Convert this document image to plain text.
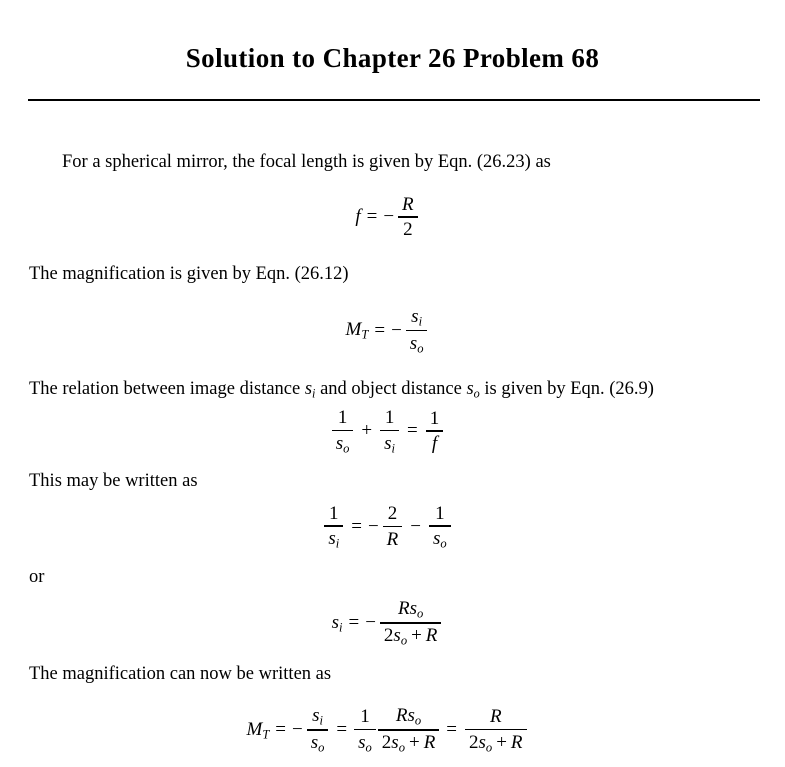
Solution to Chapter 26 Problem 68

For a spherical mirror, the focal length is given by Eqn. (26.23) as

f = − $\frac{R}{2}$

The magnification is given by Eqn. (26.12)

MT = − $\frac{s_i}{s_o}$

The relation between image distance $s_i$ and object distance $s_o$ is given by Eqn. (26.9)

$\frac{1}{s_o} + \frac{1}{s_i} = \frac{1}{f}$

This may be written as

$\frac{1}{s_i}$ = − $\frac{2}{R} - \frac{1}{s_o}$

or

$s_i$ = − $\frac{Rs_o}{2s_o + R}$

The magnification can now be written as

MT = − $\frac{s_i}{s_o} = \frac{1}{s_o} \frac{Rs_o}{2s_o + R} = \frac{R}{2s_o + R}$
